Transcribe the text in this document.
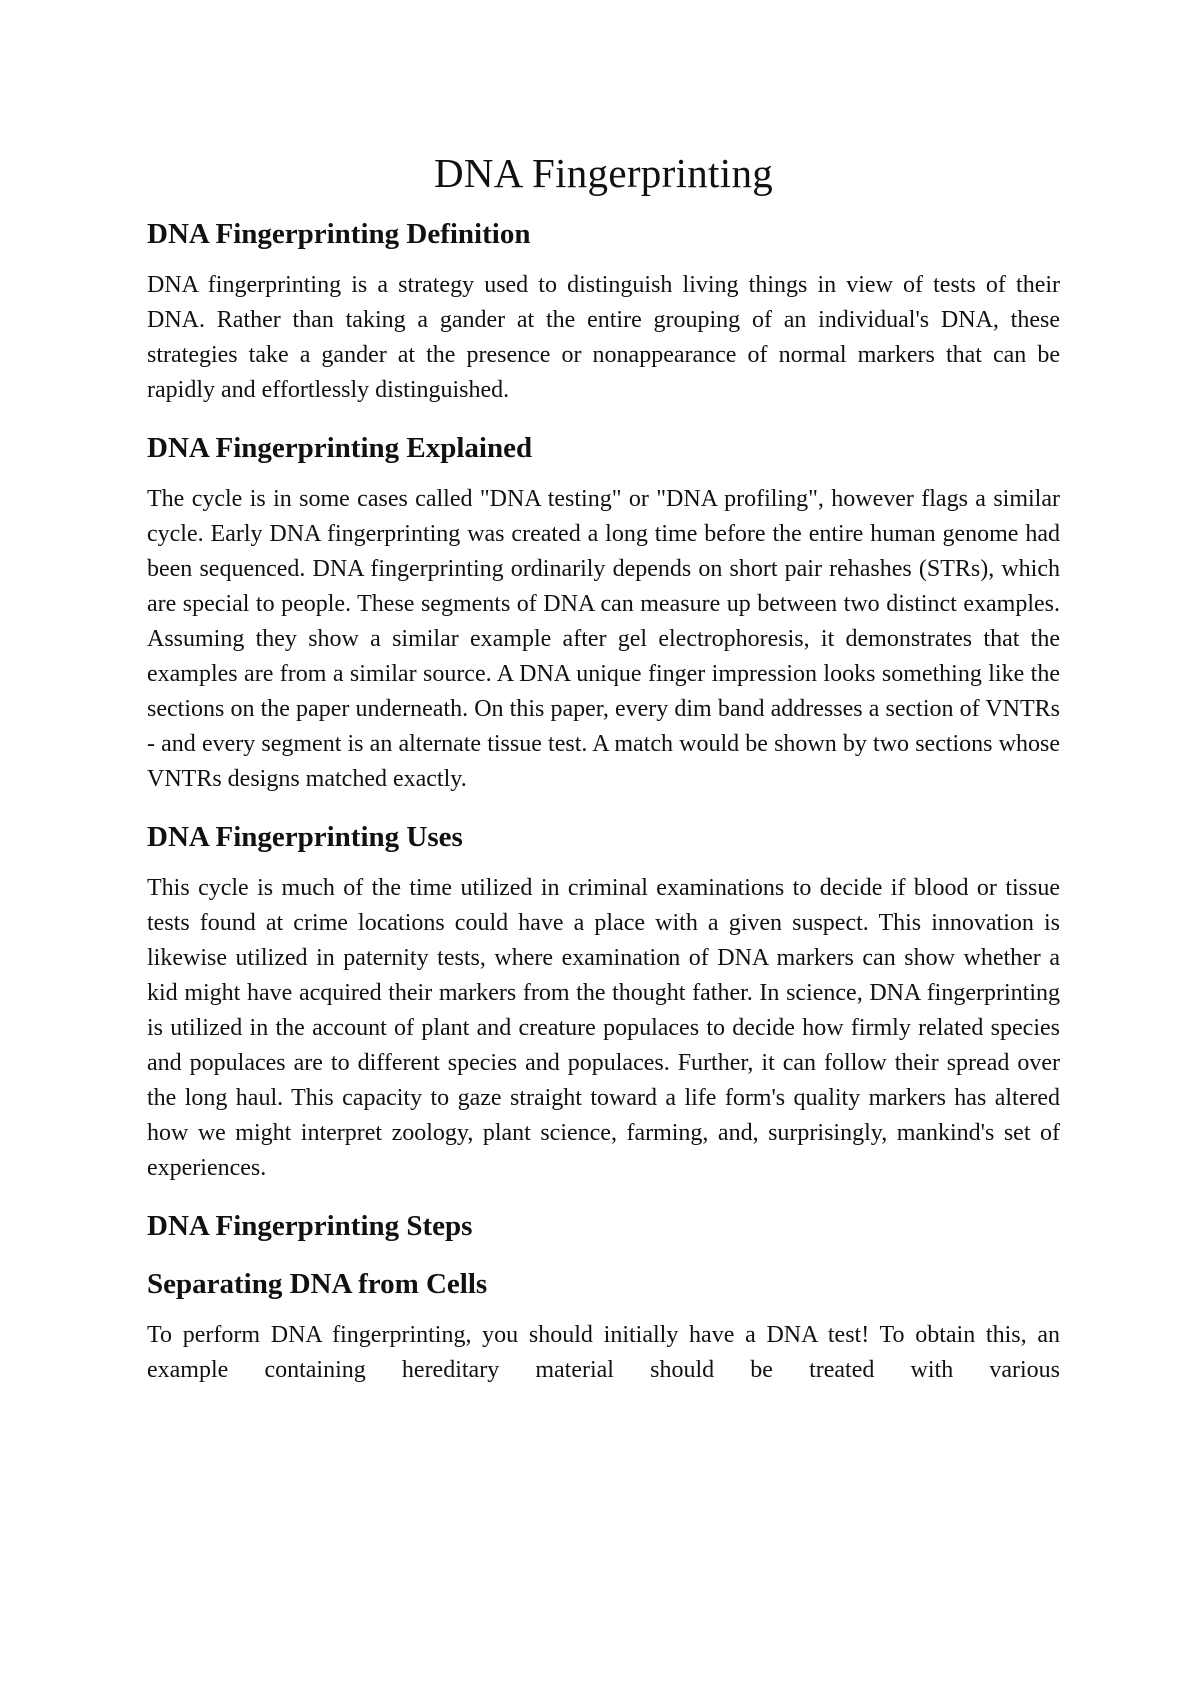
DNA Fingerprinting
DNA Fingerprinting Definition

DNA fingerprinting is a strategy used to distinguish living things in view of tests of their DNA. Rather than taking a gander at the entire grouping of an individual's DNA, these strategies take a gander at the presence or nonappearance of normal markers that can be rapidly and effortlessly distinguished.

DNA Fingerprinting Explained

The cycle is in some cases called "DNA testing" or "DNA profiling", however flags a similar cycle. Early DNA fingerprinting was created a long time before the entire human genome had been sequenced. DNA fingerprinting ordinarily depends on short pair rehashes (STRs), which are special to people. These segments of DNA can measure up between two distinct examples. Assuming they show a similar example after gel electrophoresis, it demonstrates that the examples are from a similar source. A DNA unique finger impression looks something like the sections on the paper underneath. On this paper, every dim band addresses a section of VNTRs - and every segment is an alternate tissue test. A match would be shown by two sections whose VNTRs designs matched exactly.

DNA Fingerprinting Uses

This cycle is much of the time utilized in criminal examinations to decide if blood or tissue tests found at crime locations could have a place with a given suspect. This innovation is likewise utilized in paternity tests, where examination of DNA markers can show whether a kid might have acquired their markers from the thought father. In science, DNA fingerprinting is utilized in the account of plant and creature populaces to decide how firmly related species and populaces are to different species and populaces. Further, it can follow their spread over the long haul. This capacity to gaze straight toward a life form's quality markers has altered how we might interpret zoology, plant science, farming, and, surprisingly, mankind's set of experiences.

DNA Fingerprinting Steps
Separating DNA from Cells

To perform DNA fingerprinting, you should initially have a DNA test! To obtain this, an example containing hereditary material should be treated with various
